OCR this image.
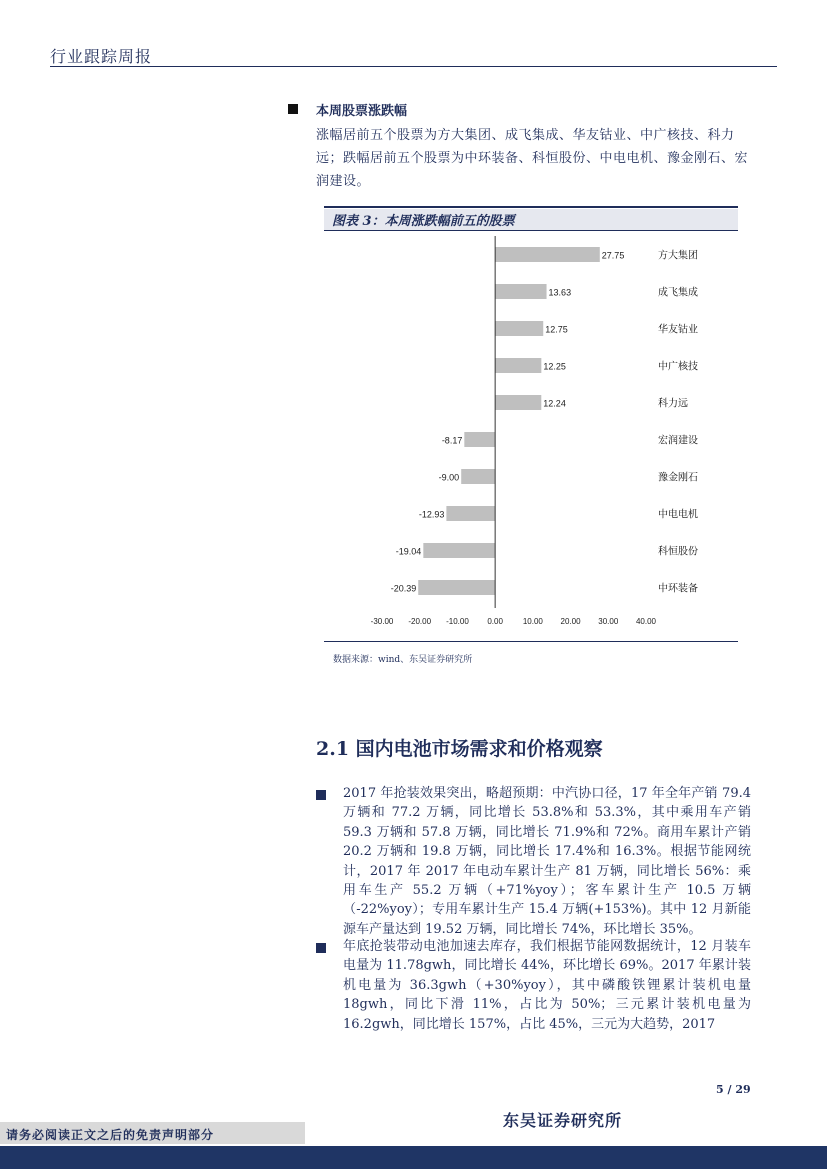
行业跟踪周报
本周股票涨跌幅
涨幅居前五个股票为方大集团、成飞集成、华友钴业、中广核技、科力远；跌幅居前五个股票为中环装备、科恒股份、中电电机、豫金刚石、宏润建设。
图表 3：本周涨跌幅前五的股票
27.75
13.63
12.75
12.25
12.24
-8.17
-9.00
-12.93
-19.04
-20.39
方大集团
成飞集成
华友钴业
中广核技
科力远
宏润建设
豫金刚石
中电电机
科恒股份
中环装备
-30.00 -20.00 -10.00 0.00 10.00 20.00 30.00 40.00
数据来源：wind、东吴证券研究所
2.1 国内电池市场需求和价格观察
2017 年抢装效果突出，略超预期：中汽协口径，17 年全年产销 79.4 万辆和 77.2 万辆，同比增长 53.8%和 53.3%，其中乘用车产销 59.3 万辆和 57.8 万辆，同比增长 71.9%和 72%。商用车累计产销 20.2 万辆和 19.8 万辆，同比增长 17.4%和 16.3%。根据节能网统计，2017 年 2017 年电动车累计生产 81 万辆，同比增长 56%：乘用车生产 55.2 万辆（+71%yoy）；客车累计生产 10.5 万辆（-22%yoy）；专用车累计生产 15.4 万辆(+153%)。其中 12 月新能源车产量达到 19.52 万辆，同比增长 74%，环比增长 35%。
年底抢装带动电池加速去库存，我们根据节能网数据统计，12 月装车电量为 11.78gwh，同比增长 44%，环比增长 69%。2017 年累计装机电量为 36.3gwh（+30%yoy），其中磷酸铁锂累计装机电量 18gwh，同比下滑 11%，占比为 50%；三元累计装机电量为 16.2gwh，同比增长 157%，占比 45%，三元为大趋势，2017
5 / 29
东吴证券研究所
请务必阅读正文之后的免责声明部分
